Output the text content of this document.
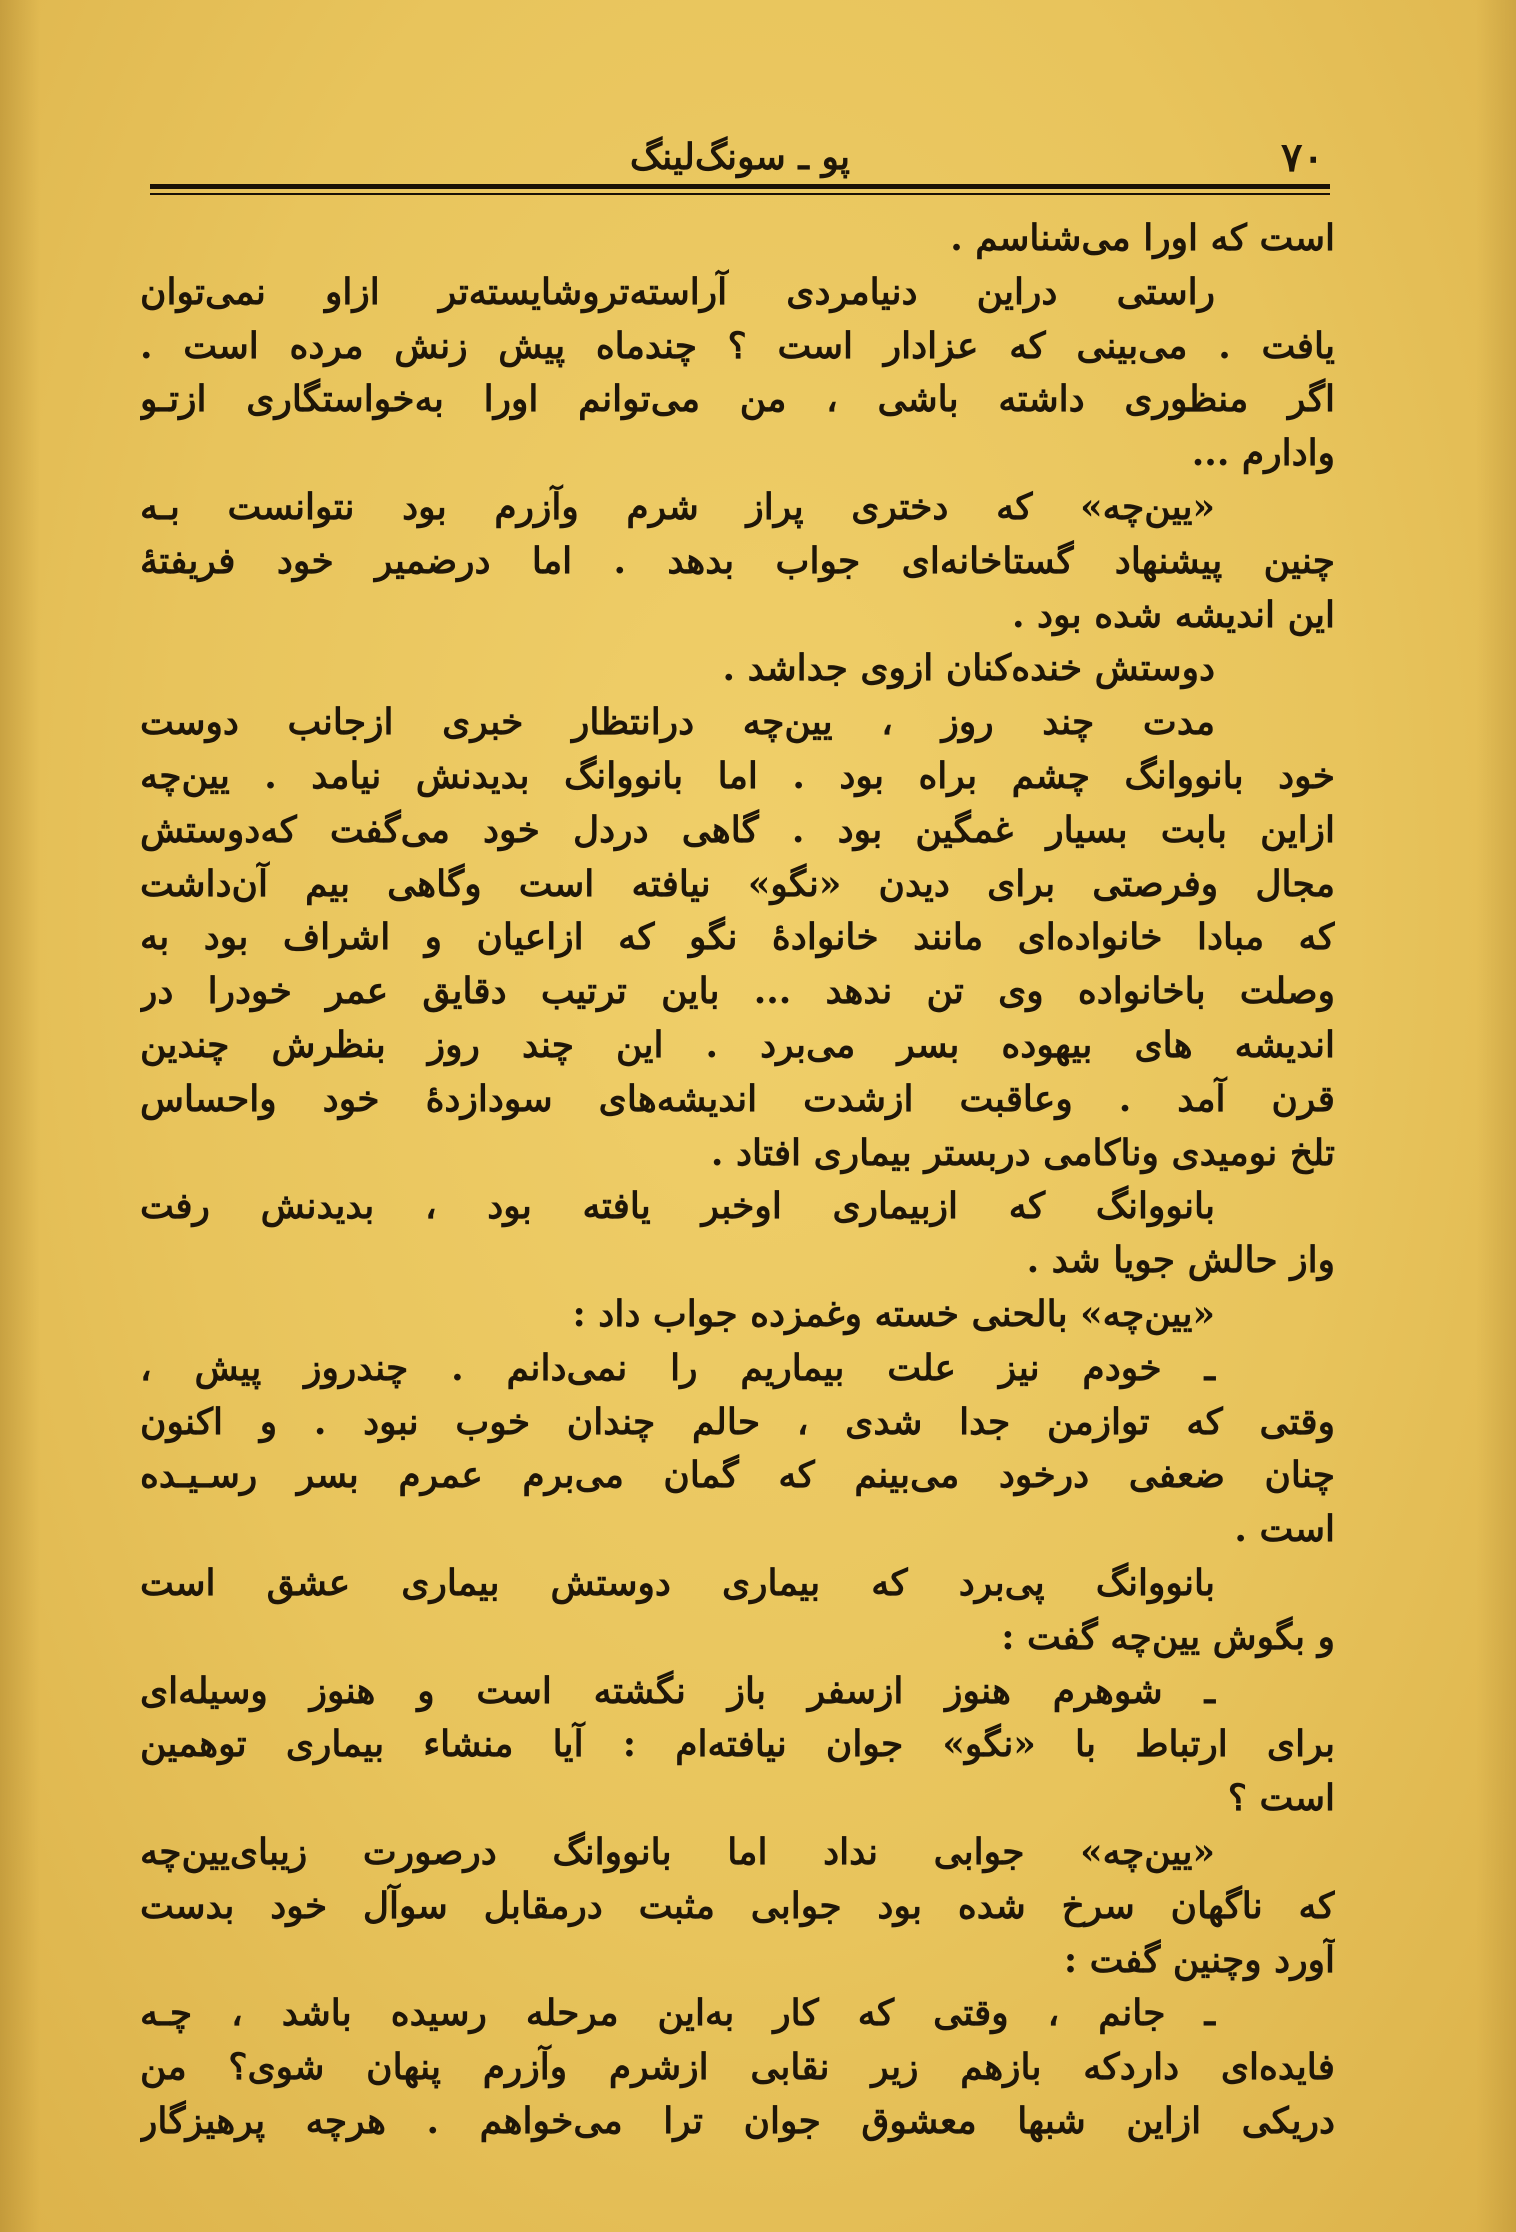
۷۰
پو ـ سونگ‌لینگ
است که اورا می‌شناسم .
راستی دراین دنیامردی آراسته‌تروشایسته‌تر ازاو نمی‌توان
یافت . می‌بینی که عزادار است ؟ چندماه پیش زنش مرده است .
اگر منظوری داشته باشی ، من می‌توانم اورا به‌خواستگاری ازتـو
وادارم ...
«یین‌چه» که دختری پراز شرم وآزرم بود نتوانست بـه
چنین پیشنهاد گستاخانه‌ای جواب بدهد . اما درضمیر خود فریفتهٔ
این اندیشه شده بود .
دوستش خنده‌کنان ازوی جداشد .
مدت چند روز ، یین‌چه درانتظار خبری ازجانب دوست
خود بانووانگ چشم براه بود . اما بانووانگ بدیدنش نیامد . یین‌چه
ازاین بابت بسیار غمگین بود . گاهی دردل خود می‌گفت که‌دوستش
مجال وفرصتی برای دیدن «نگو» نیافته است وگاهی بیم آن‌داشت
که مبادا خانواده‌ای مانند خانوادهٔ نگو که ازاعیان و اشراف بود به
وصلت باخانواده وی تن ندهد ... باین ترتیب دقایق عمر خودرا در
اندیشه های بیهوده بسر می‌برد . این چند روز بنظرش چندین
قرن آمد . وعاقبت ازشدت اندیشه‌های سودازدهٔ خود واحساس
تلخ نومیدی وناکامی دربستر بیماری افتاد .
بانووانگ که ازبیماری اوخبر یافته بود ، بدیدنش رفت
واز حالش جویا شد .
«یین‌چه» بالحنی خسته وغمزده جواب داد :
ـ خودم نیز علت بیماریم را نمی‌دانم . چندروز پیش ،
وقتی که توازمن جدا شدی ، حالم چندان خوب نبود . و اکنون
چنان ضعفی درخود می‌بینم که گمان می‌برم عمرم بسر رسـیـده
است .
بانووانگ پی‌برد که بیماری دوستش بیماری عشق است
و بگوش یین‌چه گفت :
ـ شوهرم هنوز ازسفر باز نگشته است و هنوز وسیله‌ای
برای ارتباط با «نگو» جوان نیافته‌ام : آیا منشاء بیماری توهمین
است ؟
«یین‌چه» جوابی نداد اما بانووانگ درصورت زیبای‌یین‌چه
که ناگهان سرخ شده بود جوابی مثبت درمقابل سوآل خود بدست
آورد وچنین گفت :
ـ جانم ، وقتی که کار به‌این مرحله رسیده باشد ، چـه
فایده‌ای داردکه بازهم زیر نقابی ازشرم وآزرم پنهان شوی؟ من
دریکی ازاین شبها معشوق جوان ترا می‌خواهم . هرچه پرهیزگار
